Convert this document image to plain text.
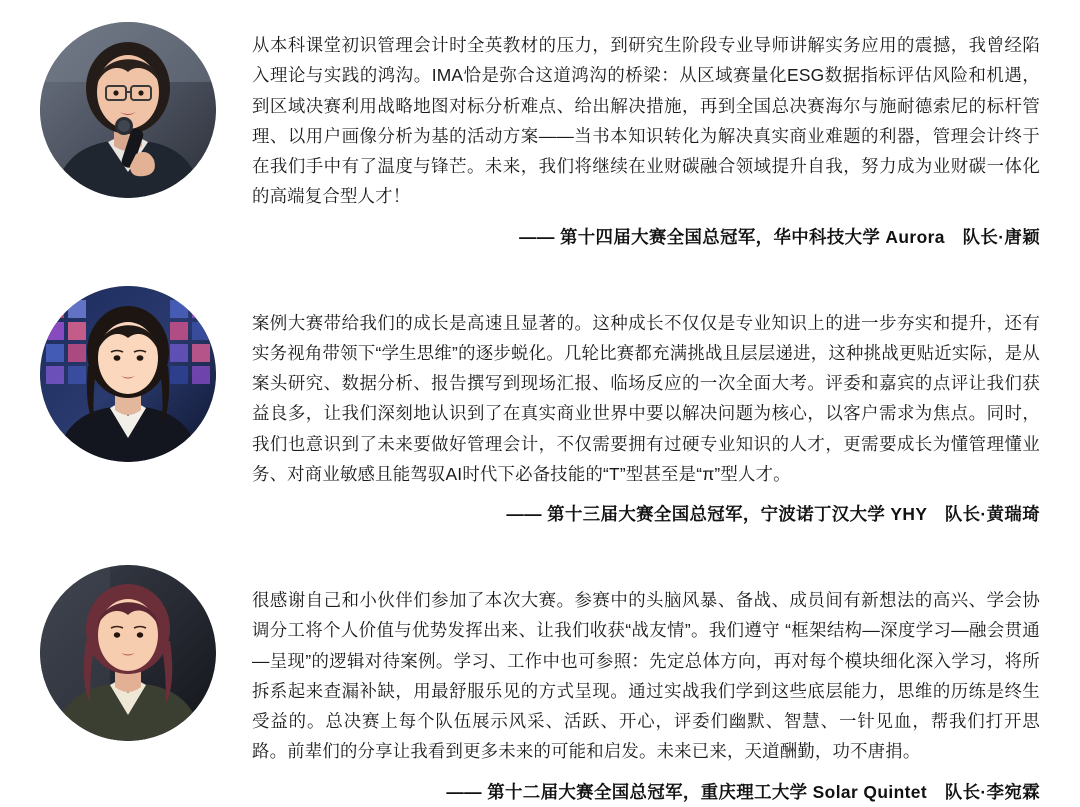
从本科课堂初识管理会计时全英教材的压力，到研究生阶段专业导师讲解实务应用的震撼，我曾经陷入理论与实践的鸿沟。IMA恰是弥合这道鸿沟的桥梁：从区域赛量化ESG数据指标评估风险和机遇，到区域决赛利用战略地图对标分析难点、给出解决措施，再到全国总决赛海尔与施耐德索尼的标杆管理、以用户画像分析为基的活动方案——当书本知识转化为解决真实商业难题的利器，管理会计终于在我们手中有了温度与锋芒。未来，我们将继续在业财碳融合领域提升自我，努力成为业财碳一体化的高端复合型人才！

—— 第十四届大赛全国总冠军，华中科技大学 Aurora　队长·唐颖

案例大赛带给我们的成长是高速且显著的。这种成长不仅仅是专业知识上的进一步夯实和提升，还有实务视角带领下“学生思维”的逐步蜕化。几轮比赛都充满挑战且层层递进，这种挑战更贴近实际，是从案头研究、数据分析、报告撰写到现场汇报、临场反应的一次全面大考。评委和嘉宾的点评让我们获益良多，让我们深刻地认识到了在真实商业世界中要以解决问题为核心，以客户需求为焦点。同时，我们也意识到了未来要做好管理会计，不仅需要拥有过硬专业知识的人才，更需要成长为懂管理懂业务、对商业敏感且能驾驭AI时代下必备技能的“T”型甚至是“π”型人才。

—— 第十三届大赛全国总冠军，宁波诺丁汉大学 YHY　队长·黄瑞琦

很感谢自己和小伙伴们参加了本次大赛。参赛中的头脑风暴、备战、成员间有新想法的高兴、学会协调分工将个人价值与优势发挥出来、让我们收获“战友情”。我们遵守 “框架结构—深度学习—融会贯通—呈现”的逻辑对待案例。学习、工作中也可参照：先定总体方向，再对每个模块细化深入学习，将所拆系起来查漏补缺，用最舒服乐见的方式呈现。通过实战我们学到这些底层能力，思维的历练是终生受益的。总决赛上每个队伍展示风采、活跃、开心，评委们幽默、智慧、一针见血，帮我们打开思路。前辈们的分享让我看到更多未来的可能和启发。未来已来，天道酬勤，功不唐捐。

—— 第十二届大赛全国总冠军，重庆理工大学 Solar Quintet　队长·李宛霖
